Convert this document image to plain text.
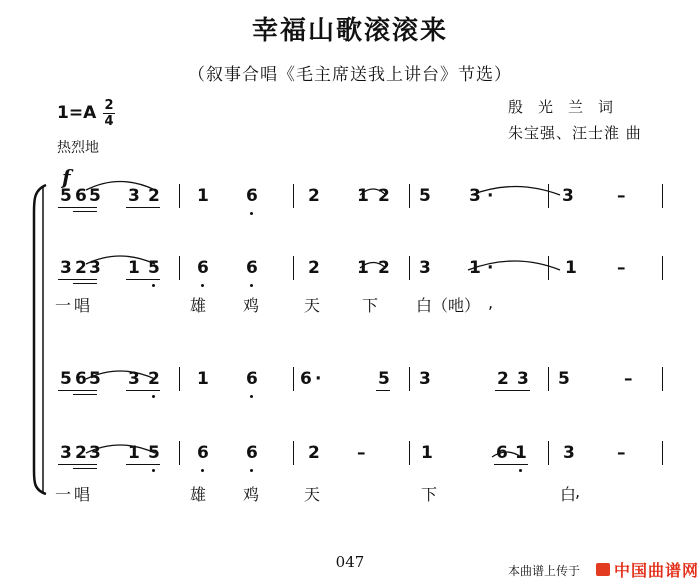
幸福山歌滚滚来
（叙事合唱《毛主席送我上讲台》节选）
1=A 2
4
热烈地
殷光兰词
朱宝强、汪士淮 曲
f
5 6 5 3 2 1 6	2 1 2 5 3 ·	3	–
3 2 3 1 5 6 6	2 1 2 3 1 ·	1 –
一 唱	雄 鸡	天	下 白 （ 吔 ） ,
5 6 5 3 2 1 6 6 ·	5 3	2 3 5	–
3 2 3 1 5 6 6	2 –	1	6 1 3 –
一 唱	雄 鸡	天	下	白
,
047	本曲谱上传于 中国曲谱网
